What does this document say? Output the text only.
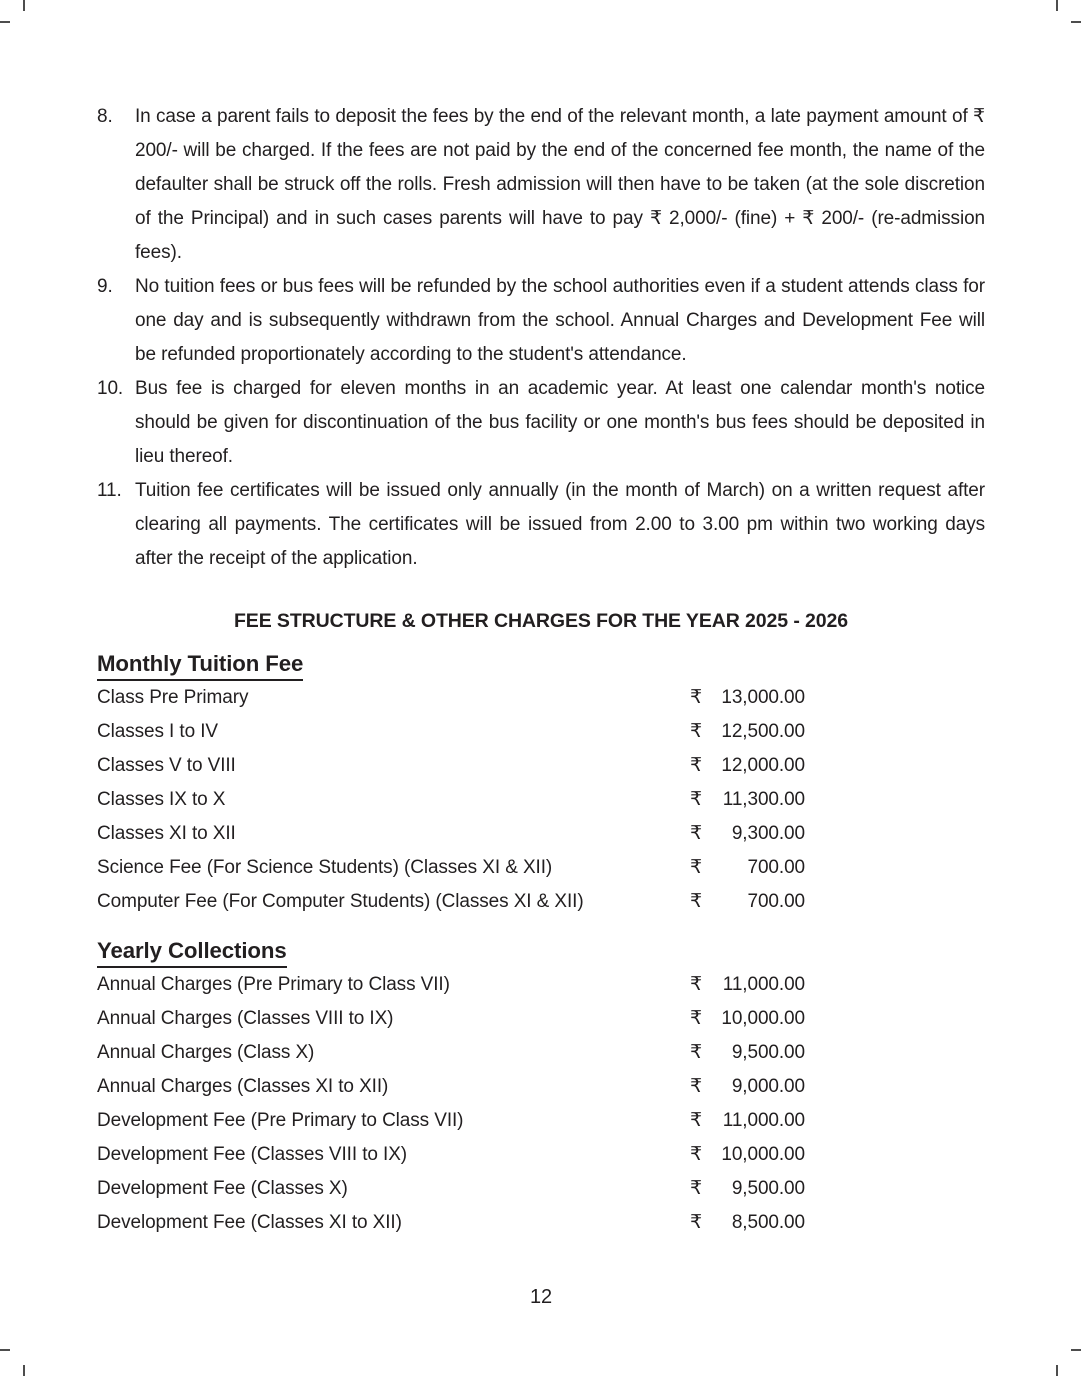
8.	In case a parent fails to deposit the fees by the end of the relevant month, a late payment amount of ₹ 200/- will be charged. If the fees are not paid by the end of the concerned fee month, the name of the defaulter shall be struck off the rolls. Fresh admission will then have to be taken (at the sole discretion of the Principal) and in such cases parents will have to pay ₹ 2,000/- (fine) + ₹ 200/- (re-admission fees).
9.	No tuition fees or bus fees will be refunded by the school authorities even if a student attends class for one day and is subsequently withdrawn from the school. Annual Charges and Development Fee will be refunded proportionately according to the student's attendance.
10. Bus fee is charged for eleven months in an academic year. At least one calendar month's notice should be given for discontinuation of the bus facility or one month's bus fees should be deposited in lieu thereof.
11. Tuition fee certificates will be issued only annually (in the month of March) on a written request after clearing all payments. The certificates will be issued from 2.00 to 3.00 pm within two working days after the receipt of the application.
FEE STRUCTURE & OTHER CHARGES FOR THE YEAR 2025 - 2026
Monthly Tuition Fee
Class Pre Primary	₹	13,000.00
Classes I to IV	₹	12,500.00
Classes V to VIII	₹	12,000.00
Classes IX to X	₹	11,300.00
Classes XI to XII	₹	9,300.00
Science Fee (For Science Students) (Classes XI & XII)	₹	700.00
Computer Fee (For Computer Students) (Classes XI & XII)	₹	700.00
Yearly Collections
Annual Charges (Pre Primary to Class VII)	₹	11,000.00
Annual Charges (Classes VIII to IX)	₹	10,000.00
Annual Charges (Class X)	₹	9,500.00
Annual Charges (Classes XI to XII)	₹	9,000.00
Development Fee (Pre Primary to Class VII)	₹	11,000.00
Development Fee (Classes VIII to IX)	₹	10,000.00
Development Fee (Classes X)	₹	9,500.00
Development Fee (Classes XI to XII)	₹	8,500.00
12
